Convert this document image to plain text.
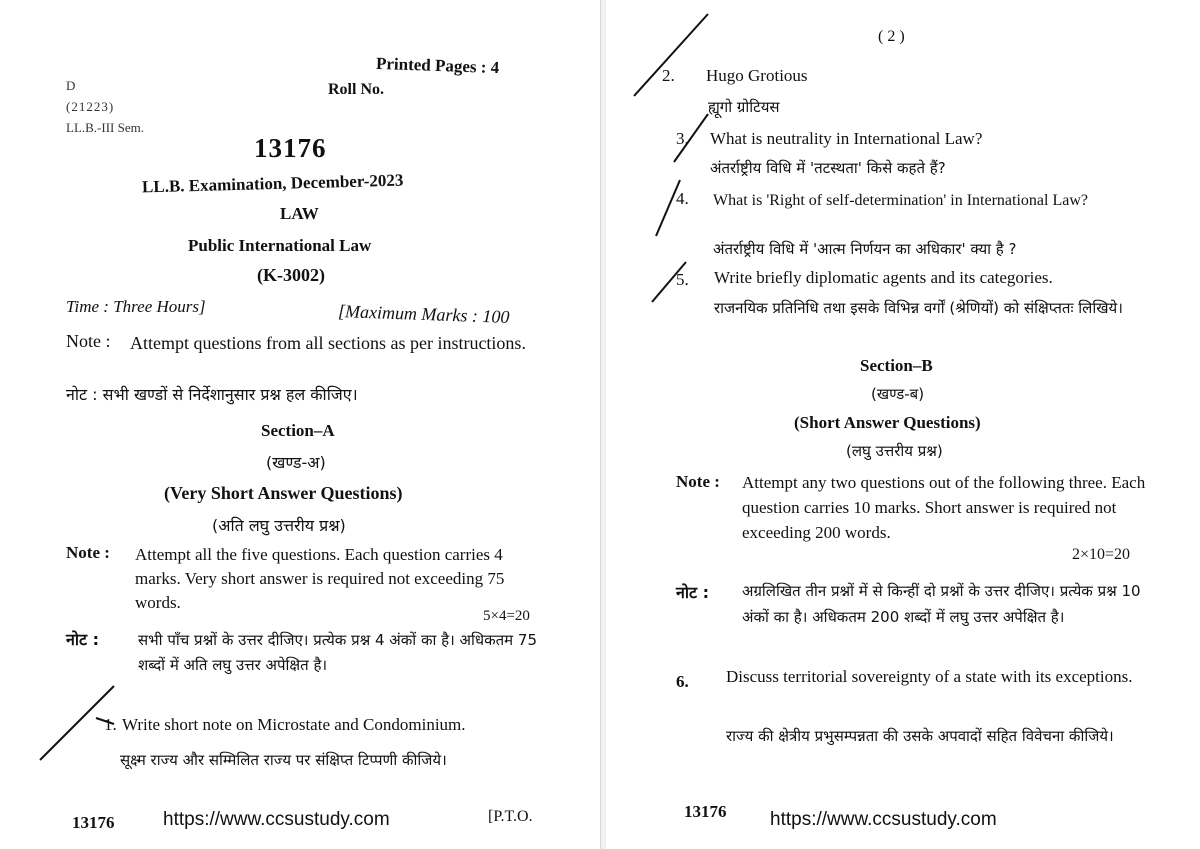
Printed Pages : 4
Roll No.
D
(21223)
LL.B.-III Sem.
13176
LL.B. Examination, December-2023
LAW
Public International Law
(K-3002)
Time : Three Hours]	[Maximum Marks : 100
Note : Attempt questions from all sections as per instructions.
नोट : सभी खण्डों से निर्देशानुसार प्रश्न हल कीजिए।
Section–A
(खण्ड-अ)
(Very Short Answer Questions)
(अति लघु उत्तरीय प्रश्न)
Note : Attempt all the five questions. Each question carries 4 marks. Very short answer is required not exceeding 75 words.
5×4=20
नोट :	सभी पाँच प्रश्नों के उत्तर दीजिए। प्रत्येक प्रश्न 4 अंकों का है। अधिकतम 75 शब्दों में अति लघु उत्तर अपेक्षित है।
1. Write short note on Microstate and Condominium.
सूक्ष्म राज्य और सम्मिलित राज्य पर संक्षिप्त टिप्पणी कीजिये।
13176	https://www.ccsustudy.com	[P.T.O.
( 2 )
2. Hugo Grotious
ह्यूगो ग्रोटियस
3. What is neutrality in International Law?
अंतर्राष्ट्रीय विधि में 'तटस्थता' किसे कहते हैं?
4. What is 'Right of self-determination' in International Law?
अंतर्राष्ट्रीय विधि में 'आत्म निर्णयन का अधिकार' क्या है ?
5. Write briefly diplomatic agents and its categories.
राजनयिक प्रतिनिधि तथा इसके विभिन्न वर्गों (श्रेणियों) को संक्षिप्ततः लिखिये।
Section–B
(खण्ड-ब)
(Short Answer Questions)
(लघु उत्तरीय प्रश्न)
Note : Attempt any two questions out of the following three. Each question carries 10 marks. Short answer is required not exceeding 200 words.
2×10=20
नोट : अग्रलिखित तीन प्रश्नों में से किन्हीं दो प्रश्नों के उत्तर दीजिए। प्रत्येक प्रश्न 10 अंकों का है। अधिकतम 200 शब्दों में लघु उत्तर अपेक्षित है।
6. Discuss territorial sovereignty of a state with its exceptions.
राज्य की क्षेत्रीय प्रभुसम्पन्नता की उसके अपवादों सहित विवेचना कीजिये।
13176 https://www.ccsustudy.com
